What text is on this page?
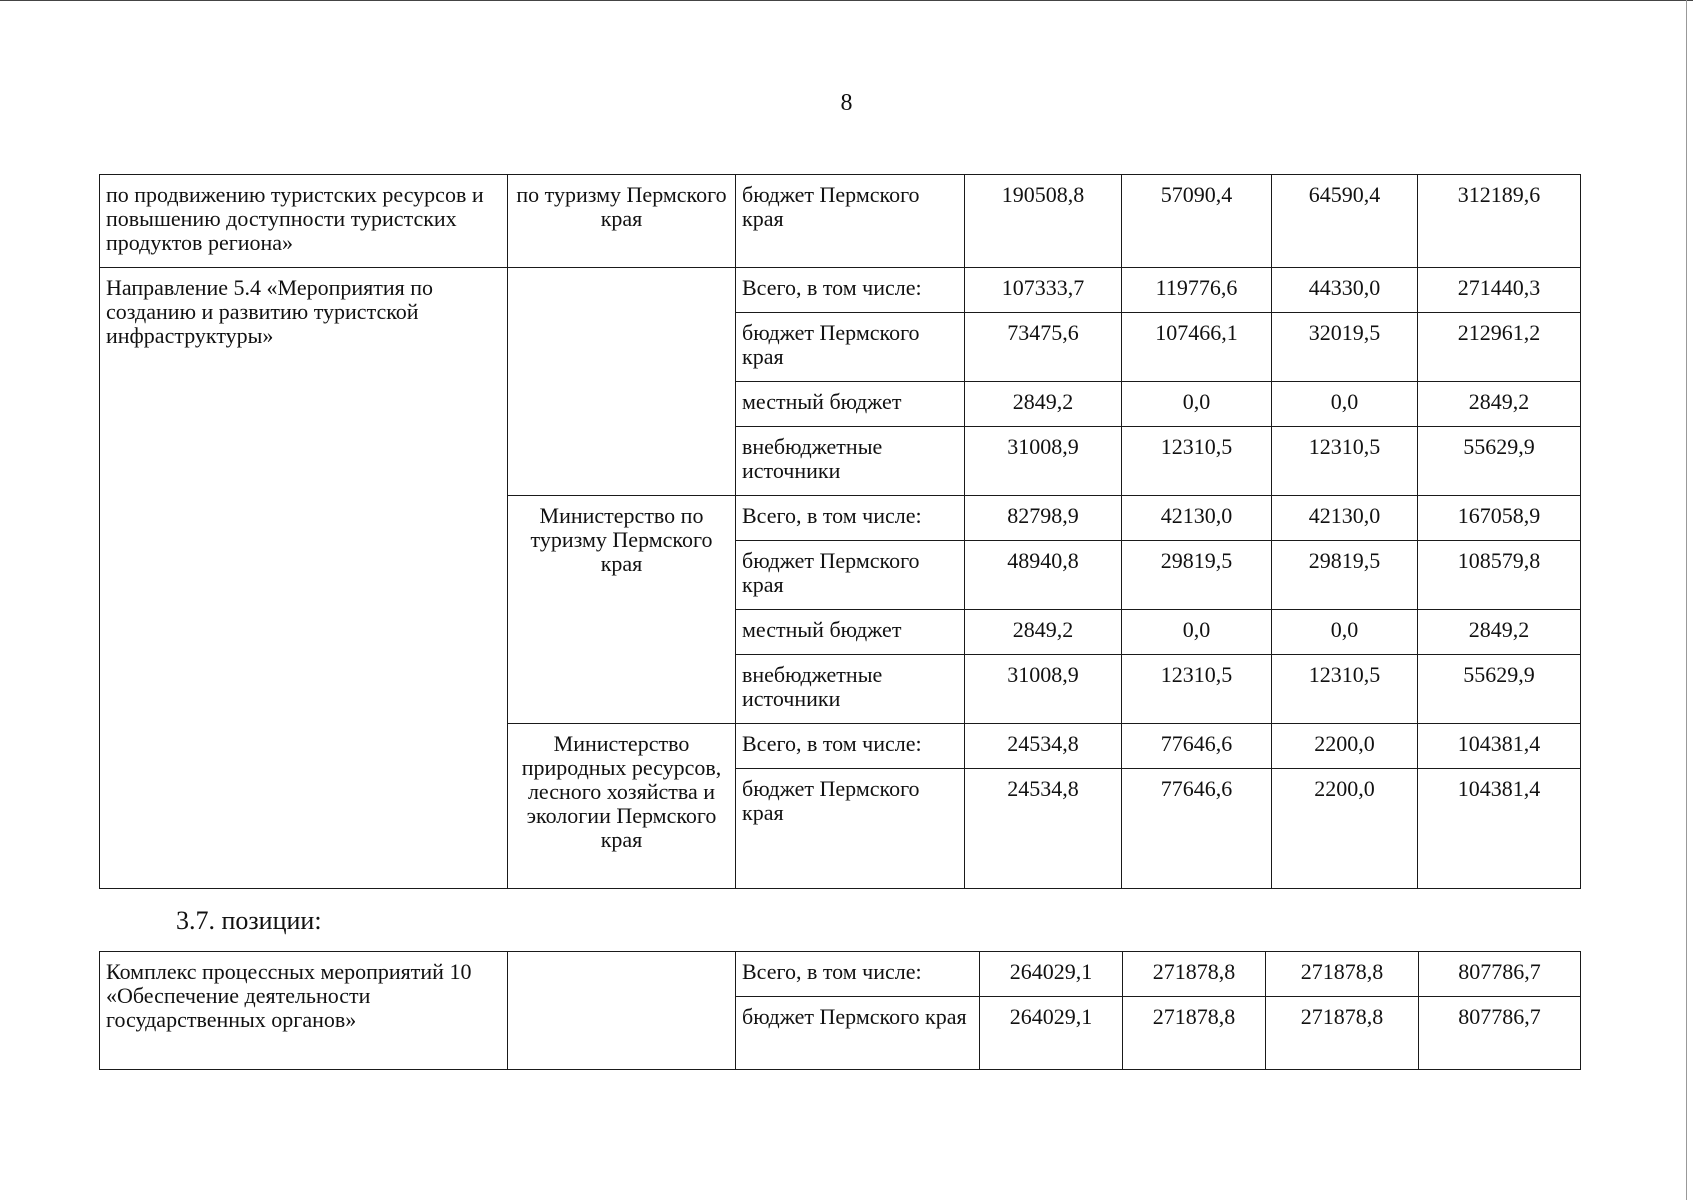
8
по продвижению туристских ресурсов и повышению доступности туристских продуктов региона»	по туризму Пермского края	бюджет Пермского края	190508,8	57090,4	64590,4	312189,6
Направление 5.4 «Мероприятия по созданию и развитию туристской инфраструктуры»		Всего, в том числе:	107333,7	119776,6	44330,0	271440,3
		бюджет Пермского края	73475,6	107466,1	32019,5	212961,2
		местный бюджет	2849,2	0,0	0,0	2849,2
		внебюджетные источники	31008,9	12310,5	12310,5	55629,9
	Министерство по туризму Пермского края	Всего, в том числе:	82798,9	42130,0	42130,0	167058,9
		бюджет Пермского края	48940,8	29819,5	29819,5	108579,8
		местный бюджет	2849,2	0,0	0,0	2849,2
		внебюджетные источники	31008,9	12310,5	12310,5	55629,9
	Министерство природных ресурсов, лесного хозяйства и экологии Пермского края	Всего, в том числе:	24534,8	77646,6	2200,0	104381,4
		бюджет Пермского края	24534,8	77646,6	2200,0	104381,4
3.7. позиции:
Комплекс процессных мероприятий 10 «Обеспечение деятельности государственных органов»		Всего, в том числе:	264029,1	271878,8	271878,8	807786,7
		бюджет Пермского края	264029,1	271878,8	271878,8	807786,7
